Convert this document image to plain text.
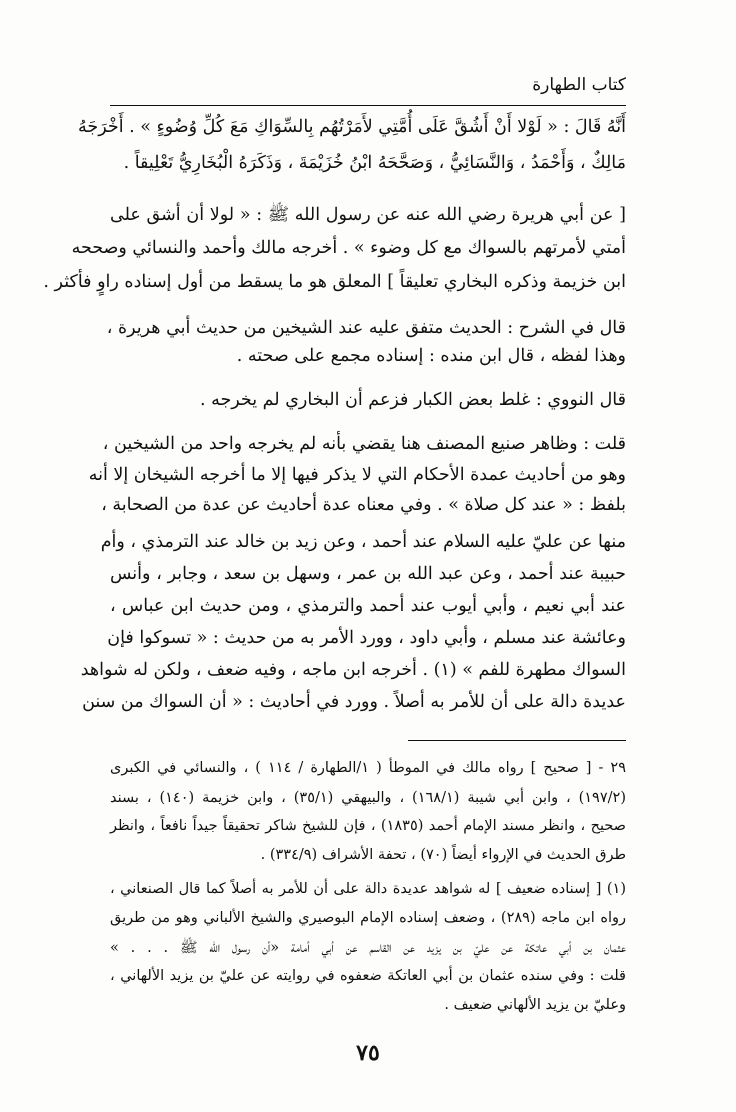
كتاب الطهارة
أَنَّهُ قَالَ : « لَوْلا أَنْ أَشُقَّ عَلَى أُمَّتِي لأَمَرْتُهُم بِالسِّوَاكِ مَعَ كُلِّ وُضُوءٍ » . أَخْرَجَهُ
مَالِكٌ ، وَأَحْمَدُ ، وَالنَّسَائِيُّ ، وَصَحَّحَهُ ابْنُ خُزَيْمَةَ ، وَذَكَرَهُ الْبُخَارِيُّ تَعْلِيقاً .
[ عن أبي هريرة رضي الله عنه عن رسول الله ﷺ : « لولا أن أشق على
أمتي لأمرتهم بالسواك مع كل وضوء » . أخرجه مالك وأحمد والنسائي وصححه
ابن خزيمة وذكره البخاري تعليقاً ] المعلق هو ما يسقط من أول إسناده راوٍ فأكثر .
قال في الشرح : الحديث متفق عليه عند الشيخين من حديث أبي هريرة ،
وهذا لفظه ، قال ابن منده : إسناده مجمع على صحته .
قال النووي : غلط بعض الكبار فزعم أن البخاري لم يخرجه .
قلت : وظاهر صنيع المصنف هنا يقضي بأنه لم يخرجه واحد من الشيخين ،
وهو من أحاديث عمدة الأحكام التي لا يذكر فيها إلا ما أخرجه الشيخان إلا أنه
بلفظ : « عند كل صلاة » . وفي معناه عدة أحاديث عن عدة من الصحابة ،
منها عن عليّ عليه السلام عند أحمد ، وعن زيد بن خالد عند الترمذي ، وأم
حبيبة عند أحمد ، وعن عبد الله بن عمر ، وسهل بن سعد ، وجابر ، وأنس
عند أبي نعيم ، وأبي أيوب عند أحمد والترمذي ، ومن حديث ابن عباس ،
وعائشة عند مسلم ، وأبي داود ، وورد الأمر به من حديث : « تسوكوا فإن
السواك مطهرة للفم » (١) . أخرجه ابن ماجه ، وفيه ضعف ، ولكن له شواهد
عديدة دالة على أن للأمر به أصلاً . وورد في أحاديث : « أن السواك من سنن
٢٩ - [ صحيح ] رواه مالك في الموطأ ( ١/الطهارة / ١١٤ ) ، والنسائي في الكبرى
(١٩٧/٢) ، وابن أبي شيبة (١٦٨/١) ، والبيهقي (٣٥/١) ، وابن خزيمة (١٤٠) ، بسند
صحيح ، وانظر مسند الإمام أحمد (١٨٣٥) ، فإن للشيخ شاكر تحقيقاً جيداً نافعاً ، وانظر
طرق الحديث في الإرواء أيضاً (٧٠) ، تحفة الأشراف (٣٣٤/٩) .
(١) [ إسناده ضعيف ] له شواهد عديدة دالة على أن للأمر به أصلاً كما قال الصنعاني ،
رواه ابن ماجه (٢٨٩) ، وضعف إسناده الإمام البوصيري والشيخ الألباني وهو من طريق
عثمان بن أبي عاتكة عن عليّ بن يزيد عن القاسم عن أبي أمامة «أن رسول الله ﷺ . . . »
قلت : وفي سنده عثمان بن أبي العاتكة ضعفوه في روايته عن عليّ بن يزيد الألهاني ،
وعليّ بن يزيد الألهاني ضعيف .
٧٥
